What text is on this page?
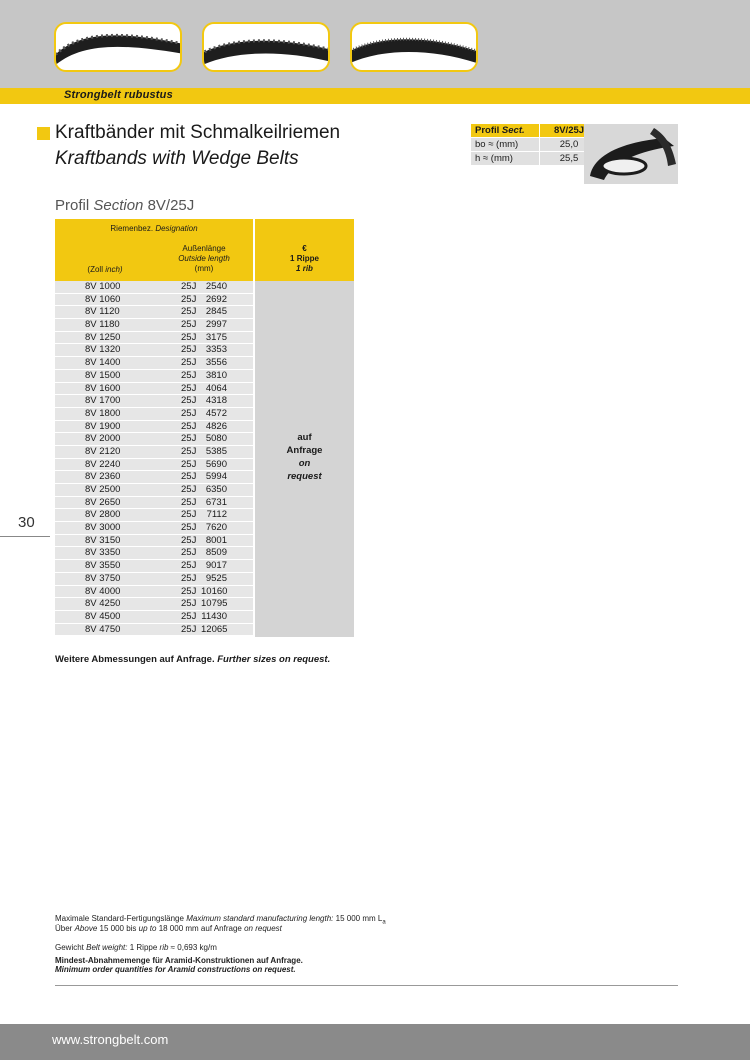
Strongbelt rubustus
Kraftbänder mit Schmalkeilriemen
Kraftbands with Wedge Belts
Profil Sect.	8V/25J
bo ≈ (mm)	25,0
h ≈ (mm)	25,5
Profil Section 8V/25J
30
Riemenbez. Designation
(Zoll inch)
Außenlänge
Outside length
(mm)
€
1 Rippe
1 rib
8V 1000	25J	2540
8V 1060	25J	2692
8V 1120	25J	2845
8V 1180	25J	2997
8V 1250	25J	3175
8V 1320	25J	3353
8V 1400	25J	3556
8V 1500	25J	3810
8V 1600	25J	4064
8V 1700	25J	4318
8V 1800	25J	4572
8V 1900	25J	4826
8V 2000	25J	5080
8V 2120	25J	5385
8V 2240	25J	5690
8V 2360	25J	5994
8V 2500	25J	6350
8V 2650	25J	6731
8V 2800	25J	7112
8V 3000	25J	7620
8V 3150	25J	8001
8V 3350	25J	8509
8V 3550	25J	9017
8V 3750	25J	9525
8V 4000	25J 10160
8V 4250	25J 10795
8V 4500	25J 11430
8V 4750	25J 12065
auf
Anfrage
on
request
Weitere Abmessungen auf Anfrage. Further sizes on request.
Maximale Standard-Fertigungslänge Maximum standard manufacturing length: 15 000 mm $L_a$
Über Above 15 000 bis up to 18 000 mm auf Anfrage on request
Gewicht Belt weight: 1 Rippe rib ≈ 0,693 kg/m
Mindest-Abnahmemenge für Aramid-Konstruktionen auf Anfrage.
Minimum order quantities for Aramid constructions on request.
www.strongbelt.com
